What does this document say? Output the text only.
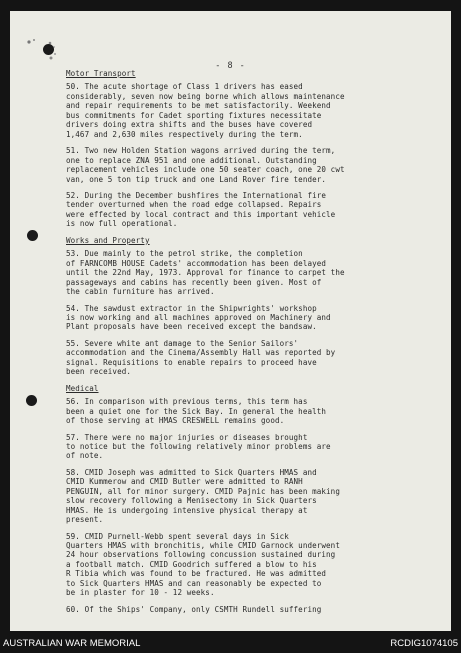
- 8 -
Motor Transport

50. The acute shortage of Class 1 drivers has eased
considerably, seven now being borne which allows maintenance
and repair requirements to be met satisfactorily. Weekend
bus commitments for Cadet sporting fixtures necessitate
drivers doing extra shifts and the buses have covered
1,467 and 2,630 miles respectively during the term.

51. Two new Holden Station wagons arrived during the term,
one to replace ZNA 951 and one additional. Outstanding
replacement vehicles include one 50 seater coach, one 20 cwt
van, one 5 ton tip truck and one Land Rover fire tender.

52. During the December bushfires the International fire
tender overturned when the road edge collapsed. Repairs
were effected by local contract and this important vehicle
is now full operational.

Works and Property

53. Due mainly to the petrol strike, the completion
of FARNCOMB HOUSE Cadets' accommodation has been delayed
until the 22nd May, 1973. Approval for finance to carpet the
passageways and cabins has recently been given. Most of
the cabin furniture has arrived.

54. The sawdust extractor in the Shipwrights' workshop
is now working and all machines approved on Machinery and
Plant proposals have been received except the bandsaw.

55. Severe white ant damage to the Senior Sailors'
accommodation and the Cinema/Assembly Hall was reported by
signal. Requisitions to enable repairs to proceed have
been received.

Medical

56. In comparison with previous terms, this term has
been a quiet one for the Sick Bay. In general the health
of those serving at HMAS CRESWELL remains good.

57. There were no major injuries or diseases brought
to notice but the following relatively minor problems are
of note.

58. CMID Joseph was admitted to Sick Quarters HMAS and
CMID Kummerow and CMID Butler were admitted to RANH
PENGUIN, all for minor surgery. CMID Pajnic has been making
slow recovery following a Menisectomy in Sick Quarters
HMAS. He is undergoing intensive physical therapy at
present.

59. CMID Purnell-Webb spent several days in Sick
Quarters HMAS with bronchitis, while CMID Garnock underwent
24 hour observations following concussion sustained during
a football match. CMID Goodrich suffered a blow to his
R Tibia which was found to be fractured. He was admitted
to Sick Quarters HMAS and can reasonably be expected to
be in plaster for 10 - 12 weeks.

60. Of the Ships' Company, only CSMTH Rundell suffering

AUSTRALIAN WAR MEMORIAL	RCDIG1074105
